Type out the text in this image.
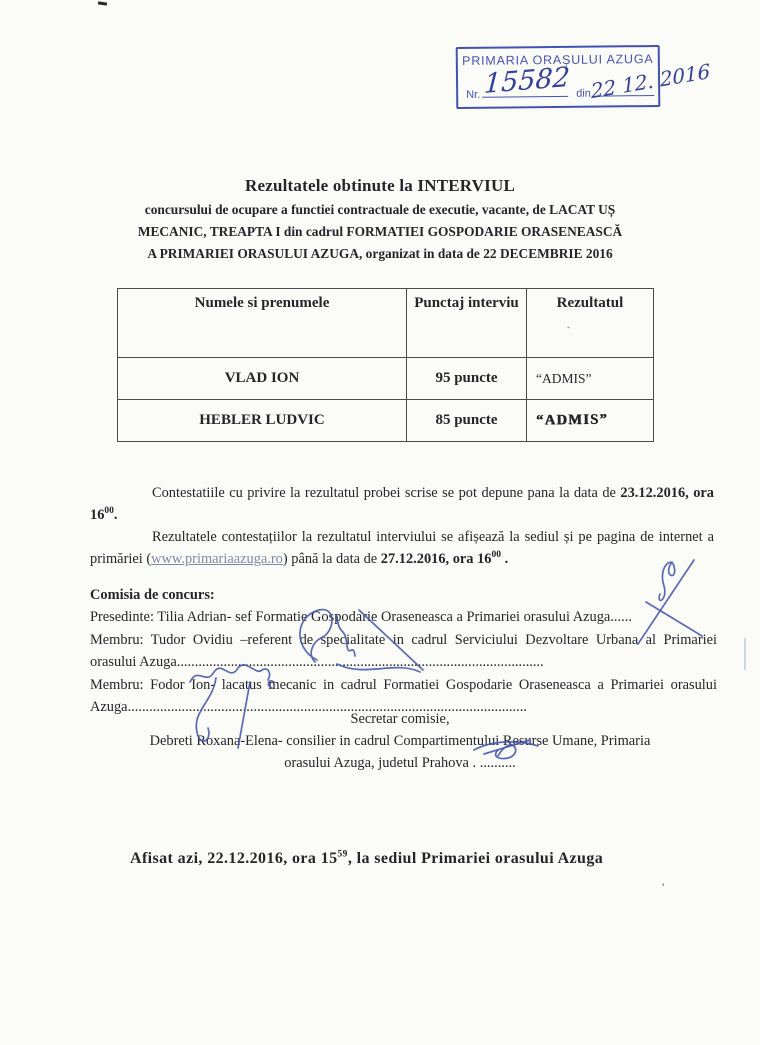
PRIMARIA ORAȘULUI AZUGA
Nr.	din
15582 22 12. 2016
Rezultatele obtinute la INTERVIUL
concursului de ocupare a functiei contractuale de executie, vacante, de LACAT UȘ
MECANIC, TREAPTA I din cadrul FORMATIEI GOSPODARIE ORASENEASCĂ
A PRIMARIEI ORASULUI AZUGA, organizat in data de 22 DECEMBRIE 2016
Numele si prenumele	Punctaj interviu	Rezultatul
`

VLAD ION	95 puncte	“ADMIS”
HEBLER LUDVIC	85 puncte	“ADMIS”

Contestatiile cu privire la rezultatul probei scrise se pot depune pana la data de 23.12.2016, ora $16^{00}$.

Rezultatele contestațiilor la rezultatul interviului se afișează la sediul și pe pagina de internet a primăriei (www.primariaazuga.ro) până la data de 27.12.2016, ora $16^{00}$ .

Comisia de concurs:

Presedinte: Tilia Adrian- sef Formatie Gospodarie Oraseneasca a Primariei orasului Azuga......

Membru: Tudor Ovidiu –referent de specialitate in cadrul Serviciului Dezvoltare Urbana al Primariei orasului Azuga......................................................................................................

Membru: Fodor Ion- lacatus mecanic in cadrul Formatiei Gospodarie Oraseneasca a Primariei orasului Azuga...............................................................................................................

Secretar comisie,

Debreti Roxana-Elena- consilier in cadrul Compartimentului Resurse Umane, Primaria

orasului Azuga, judetul Prahova . ..........

Afisat azi, 22.12.2016, ora $15^{59}$, la sediul Primariei orasului Azuga
'
